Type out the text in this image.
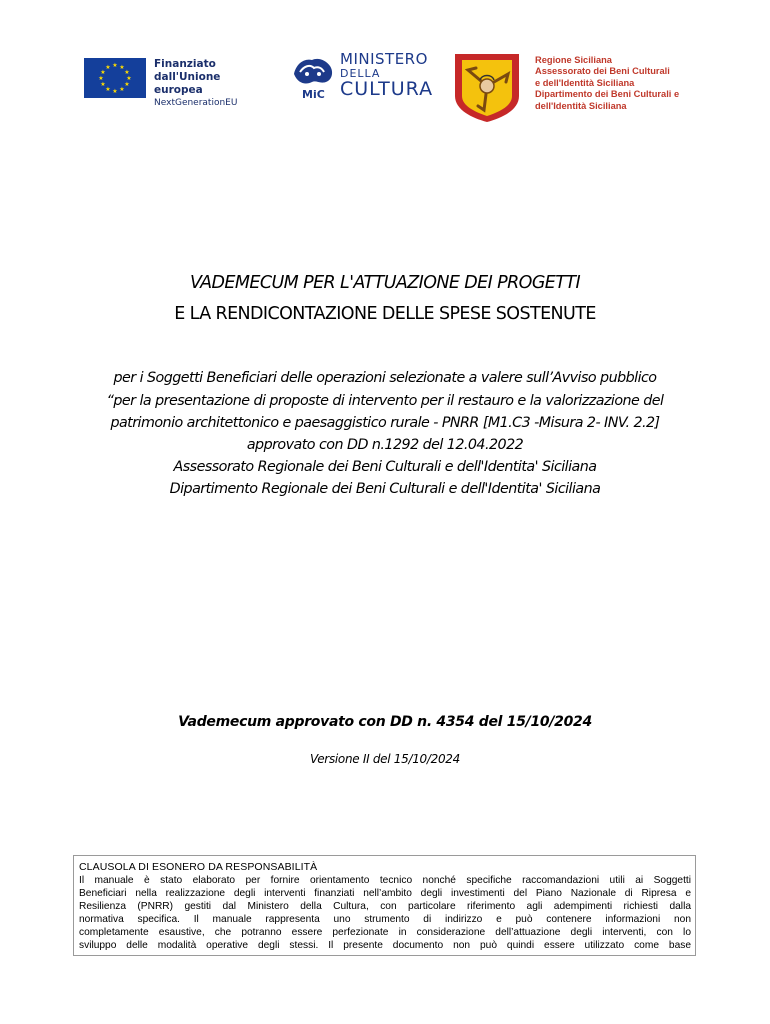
★ ★
★
★
★
★
★
★
★
★
★
★	Finanziato
dall'Unione europea
NextGenerationEU
MiC
MINISTERO
DELLA
CULTURA
Regione Siciliana
Assessorato dei Beni Culturali
e dell'Identità Siciliana
Dipartimento dei Beni Culturali e
dell'Identità Siciliana
VADEMECUM PER L'ATTUAZIONE DEI PROGETTI
E LA RENDICONTAZIONE DELLE SPESE SOSTENUTE
per i Soggetti Beneficiari delle operazioni selezionate a valere sull’Avviso pubblico
“per la presentazione di proposte di intervento per il restauro e la valorizzazione del
patrimonio architettonico e paesaggistico rurale - PNRR [M1.C3 -Misura 2- INV. 2.2]
approvato con DD n.1292 del 12.04.2022
Assessorato Regionale dei Beni Culturali e dell'Identita' Siciliana
Dipartimento Regionale dei Beni Culturali e dell'Identita' Siciliana
Vademecum approvato con DD n. 4354 del 15/10/2024
Versione II del 15/10/2024
CLAUSOLA DI ESONERO DA RESPONSABILITÀ
Il manuale è stato elaborato per fornire orientamento tecnico nonché specifiche raccomandazioni utili ai Soggetti
Beneficiari nella realizzazione degli interventi finanziati nell’ambito degli investimenti del Piano Nazionale di Ripresa e
Resilienza (PNRR) gestiti dal Ministero della Cultura, con particolare riferimento agli adempimenti richiesti dalla
normativa specifica. Il manuale rappresenta uno strumento di indirizzo e può contenere informazioni non
completamente esaustive, che potranno essere perfezionate in considerazione dell’attuazione degli interventi, con lo
sviluppo delle modalità operative degli stessi. Il presente documento non può quindi essere utilizzato come base
